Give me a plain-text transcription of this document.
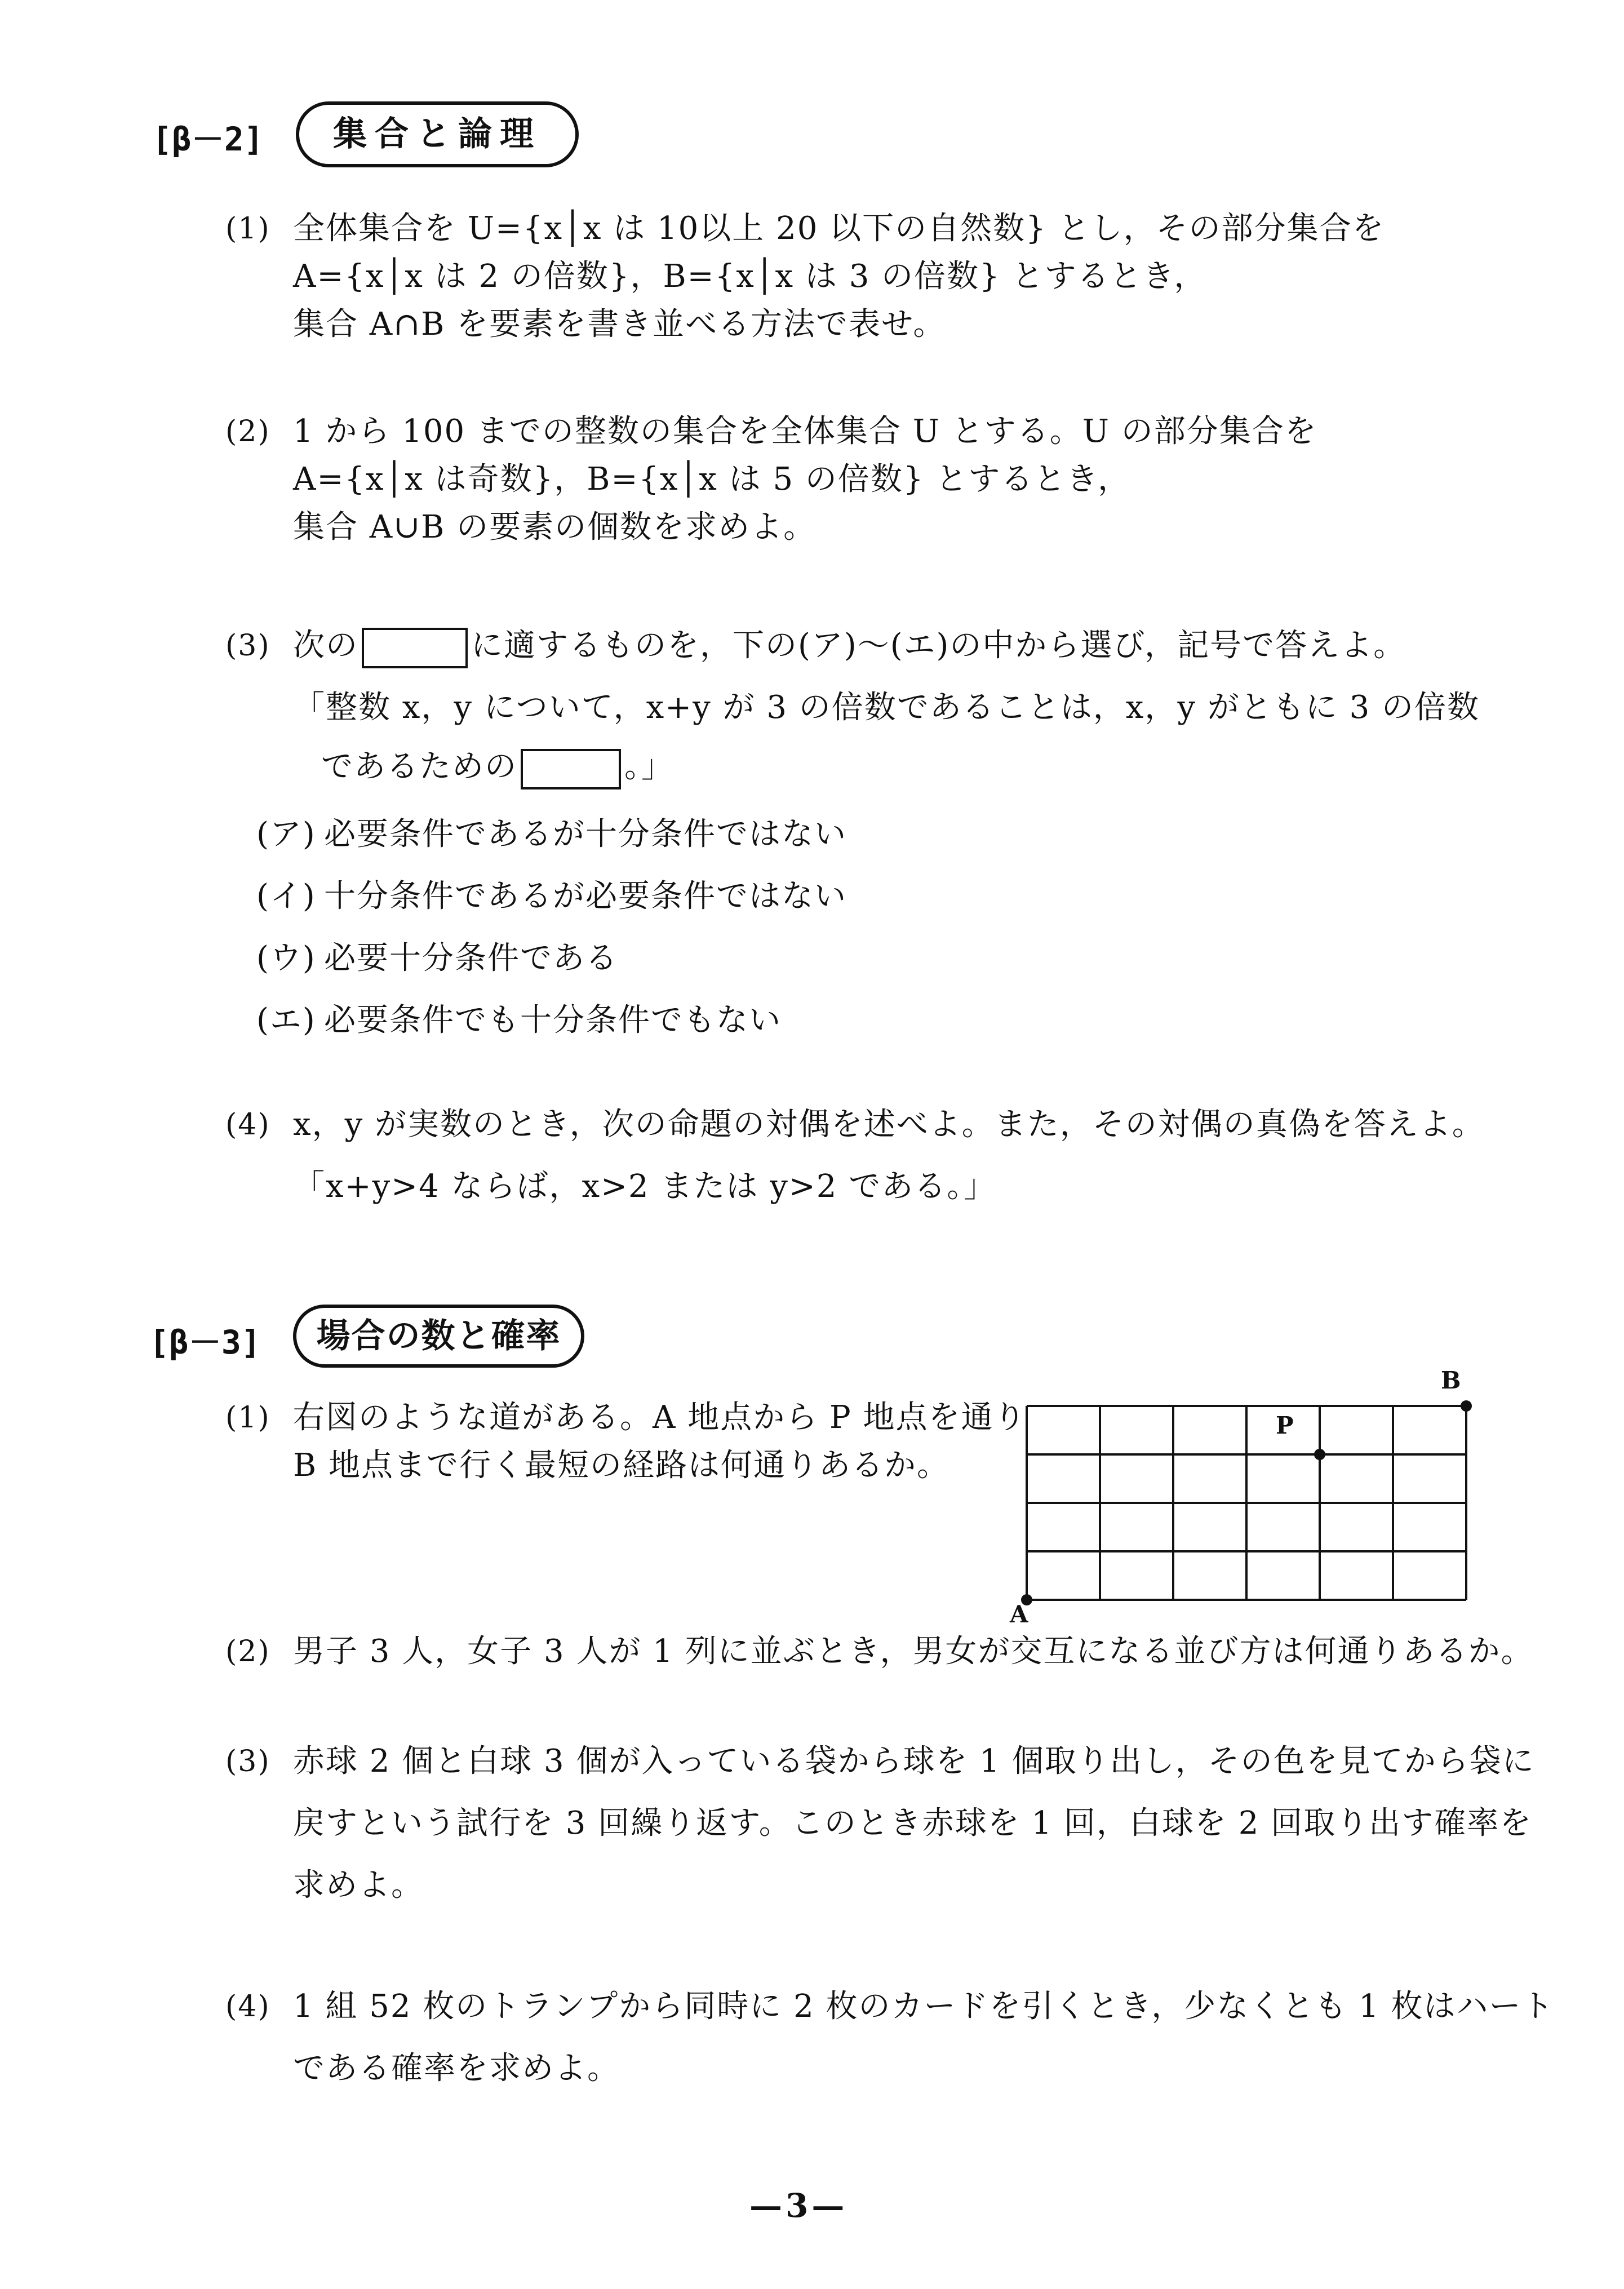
[β－2]	集合と論理
(1) 全体集合を U={x│x は 10以上 20 以下の自然数} とし，その部分集合を
A={x│x は 2 の倍数}，B={x│x は 3 の倍数} とするとき，
集合 A∩B を要素を書き並べる方法で表せ。
(2) 1 から 100 までの整数の集合を全体集合 U とする。U の部分集合を
A={x│x は奇数}，B={x│x は 5 の倍数} とするとき，
集合 A∪B の要素の個数を求めよ。
(3) 次の	に適するものを，下の(ア)〜(エ)の中から選び，記号で答えよ。
「整数 x，y について，x+y が 3 の倍数であることは，x，y がともに 3 の倍数
であるための	。」
(ア) 必要条件であるが十分条件ではない
(イ) 十分条件であるが必要条件ではない
(ウ) 必要十分条件である
(エ) 必要条件でも十分条件でもない
(4) x，y が実数のとき，次の命題の対偶を述べよ。また，その対偶の真偽を答えよ。
「x+y>4 ならば，x>2 または y>2 である。」
[β－3]	場合の数と確率
(1) 右図のような道がある。A 地点から P 地点を通り
B 地点まで行く最短の経路は何通りあるか。
A
B
P
(2) 男子 3 人，女子 3 人が 1 列に並ぶとき，男女が交互になる並び方は何通りあるか。
(3) 赤球 2 個と白球 3 個が入っている袋から球を 1 個取り出し，その色を見てから袋に
戻すという試行を 3 回繰り返す。このとき赤球を 1 回，白球を 2 回取り出す確率を
求めよ。
(4) 1 組 52 枚のトランプから同時に 2 枚のカードを引くとき，少なくとも 1 枚はハート
である確率を求めよ。
—3—
